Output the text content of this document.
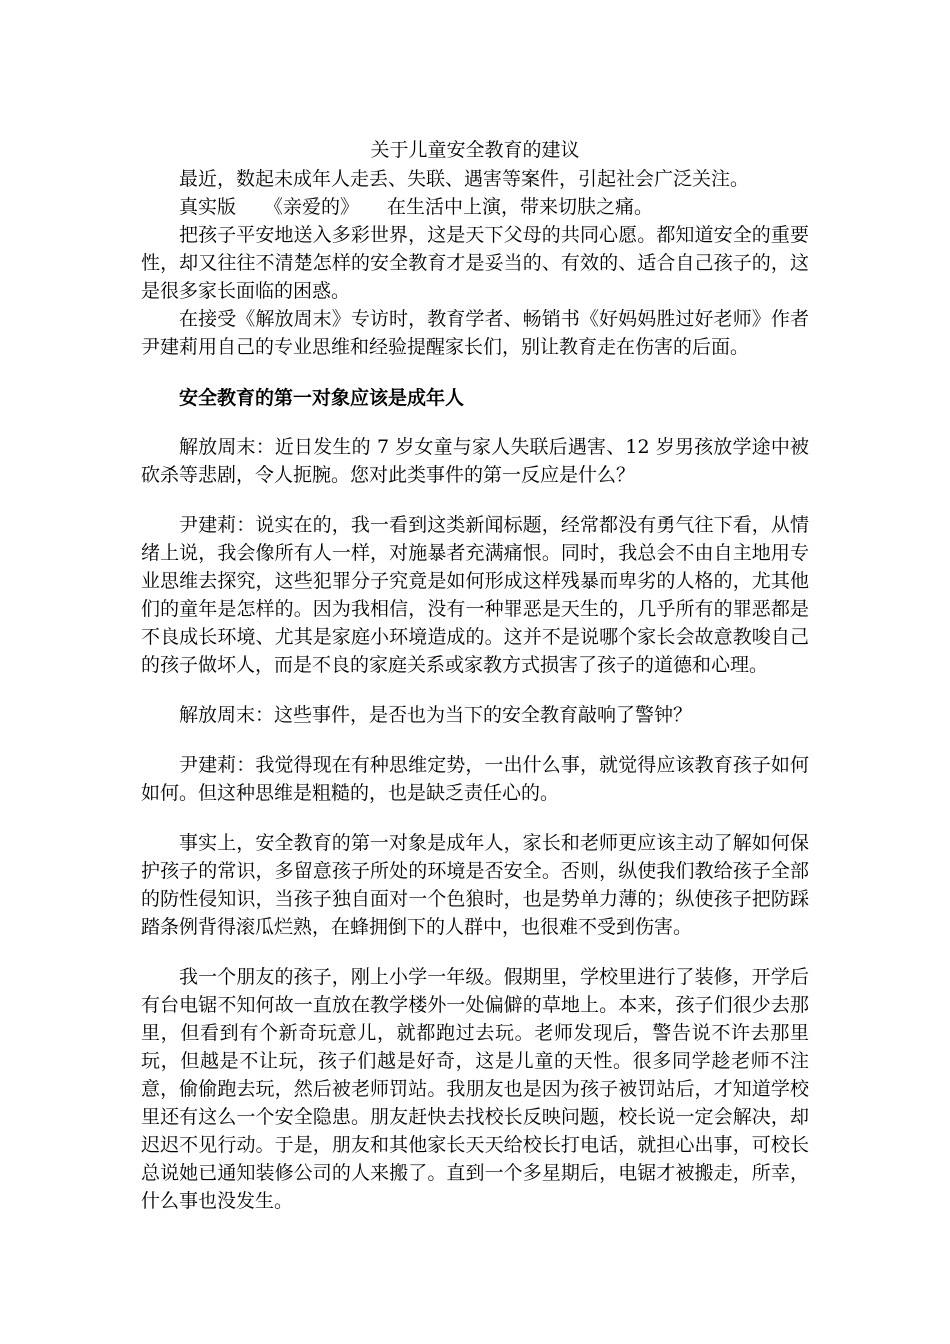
关于儿童安全教育的建议

最近，数起未成年人走丢、失联、遇害等案件，引起社会广泛关注。

真实版 《亲爱的》 在生活中上演，带来切肤之痛。

把孩子平安地送入多彩世界，这是天下父母的共同心愿。都知道安全的重要性，却又往往不清楚怎样的安全教育才是妥当的、有效的、适合自己孩子的，这是很多家长面临的困惑。

在接受《解放周末》专访时，教育学者、畅销书《好妈妈胜过好老师》作者尹建莉用自己的专业思维和经验提醒家长们，别让教育走在伤害的后面。

安全教育的第一对象应该是成年人

解放周末：近日发生的 7 岁女童与家人失联后遇害、12 岁男孩放学途中被砍杀等悲剧，令人扼腕。您对此类事件的第一反应是什么？

尹建莉：说实在的，我一看到这类新闻标题，经常都没有勇气往下看，从情绪上说，我会像所有人一样，对施暴者充满痛恨。同时，我总会不由自主地用专业思维去探究，这些犯罪分子究竟是如何形成这样残暴而卑劣的人格的，尤其他们的童年是怎样的。因为我相信，没有一种罪恶是天生的，几乎所有的罪恶都是不良成长环境、尤其是家庭小环境造成的。这并不是说哪个家长会故意教唆自己的孩子做坏人，而是不良的家庭关系或家教方式损害了孩子的道德和心理。

解放周末：这些事件，是否也为当下的安全教育敲响了警钟？

尹建莉：我觉得现在有种思维定势，一出什么事，就觉得应该教育孩子如何如何。但这种思维是粗糙的，也是缺乏责任心的。

事实上，安全教育的第一对象是成年人，家长和老师更应该主动了解如何保护孩子的常识，多留意孩子所处的环境是否安全。否则，纵使我们教给孩子全部的防性侵知识，当孩子独自面对一个色狼时，也是势单力薄的；纵使孩子把防踩踏条例背得滚瓜烂熟，在蜂拥倒下的人群中，也很难不受到伤害。

我一个朋友的孩子，刚上小学一年级。假期里，学校里进行了装修，开学后有台电锯不知何故一直放在教学楼外一处偏僻的草地上。本来，孩子们很少去那里，但看到有个新奇玩意儿，就都跑过去玩。老师发现后，警告说不许去那里玩，但越是不让玩，孩子们越是好奇，这是儿童的天性。很多同学趁老师不注意，偷偷跑去玩，然后被老师罚站。我朋友也是因为孩子被罚站后，才知道学校里还有这么一个安全隐患。朋友赶快去找校长反映问题，校长说一定会解决，却迟迟不见行动。于是，朋友和其他家长天天给校长打电话，就担心出事，可校长总说她已通知装修公司的人来搬了。直到一个多星期后，电锯才被搬走，所幸，什么事也没发生。
